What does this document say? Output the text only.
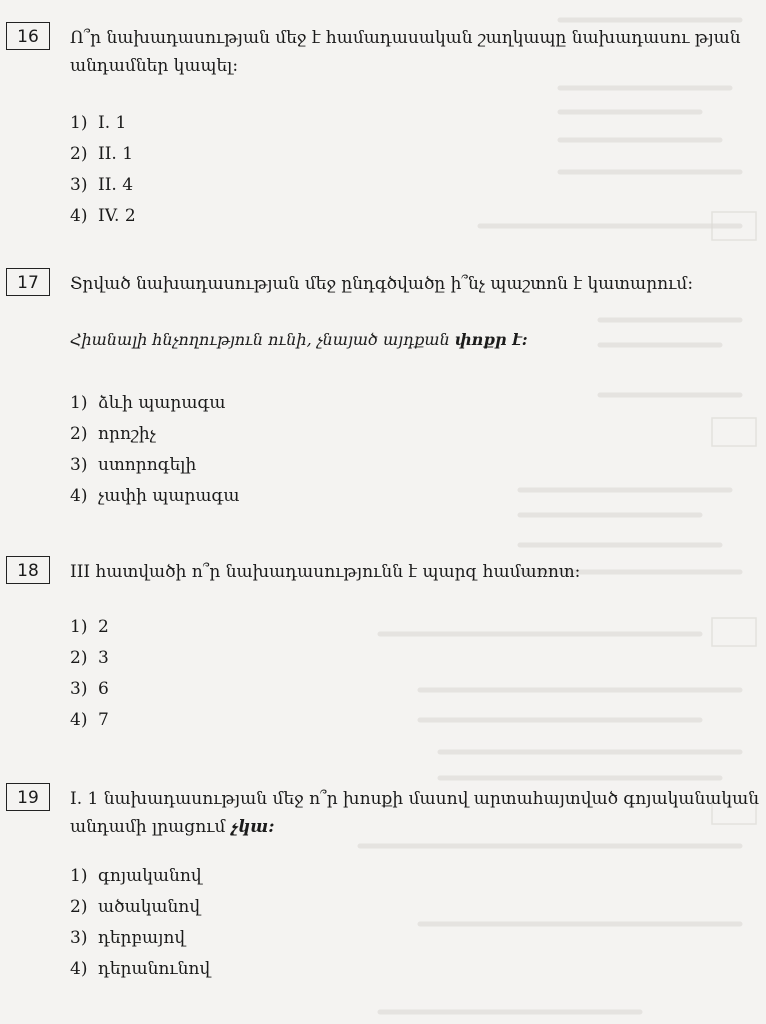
16	Ո՞ր նախադասության մեջ է համադասական շաղկապը նախադասու թյան անդամներ կապել:
1) I. 1
2) II. 1
3) II. 4
4) IV. 2
17	Տրված նախադասության մեջ ընդգծվածը ի՞նչ պաշտոն է կատարում:
Հիանալի հնչողություն ունի, չնայած այդքան փոքր է:
1) ձևի պարագա
2) որոշիչ
3) ստորոգելի
4) չափի պարագա
18	III հատվածի ո՞ր նախադասությունն է պարզ համառոտ:
1) 2
2) 3
3) 6
4) 7
19	I. 1 նախադասության մեջ ո՞ր խոսքի մասով արտահայտված գոյականական անդամի լրացում չկա:
1) գոյականով
2) ածականով
3) դերբայով
4) դերանունով
